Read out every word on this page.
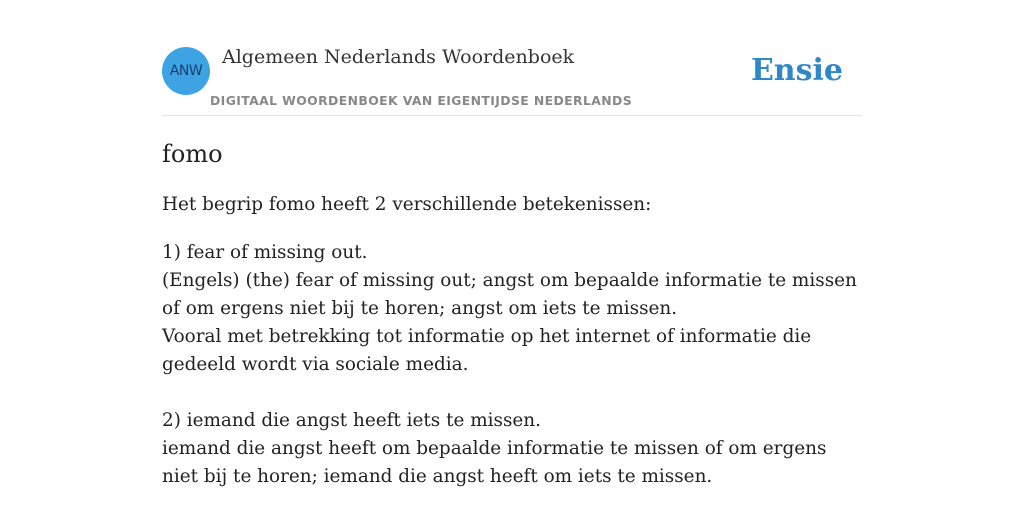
ANW
Algemeen Nederlands Woordenboek
DIGITAAL WOORDENBOEK VAN EIGENTIJDSE NEDERLANDS
Ensie
fomo
Het begrip fomo heeft 2 verschillende betekenissen:

1) fear of missing out.

(Engels) (the) fear of missing out; angst om bepaalde informatie te missen of om ergens niet bij te horen; angst om iets te missen.

Vooral met betrekking tot informatie op het internet of informatie die gedeeld wordt via sociale media.

2) iemand die angst heeft iets te missen.

iemand die angst heeft om bepaalde informatie te missen of om ergens niet bij te horen; iemand die angst heeft om iets te missen.
